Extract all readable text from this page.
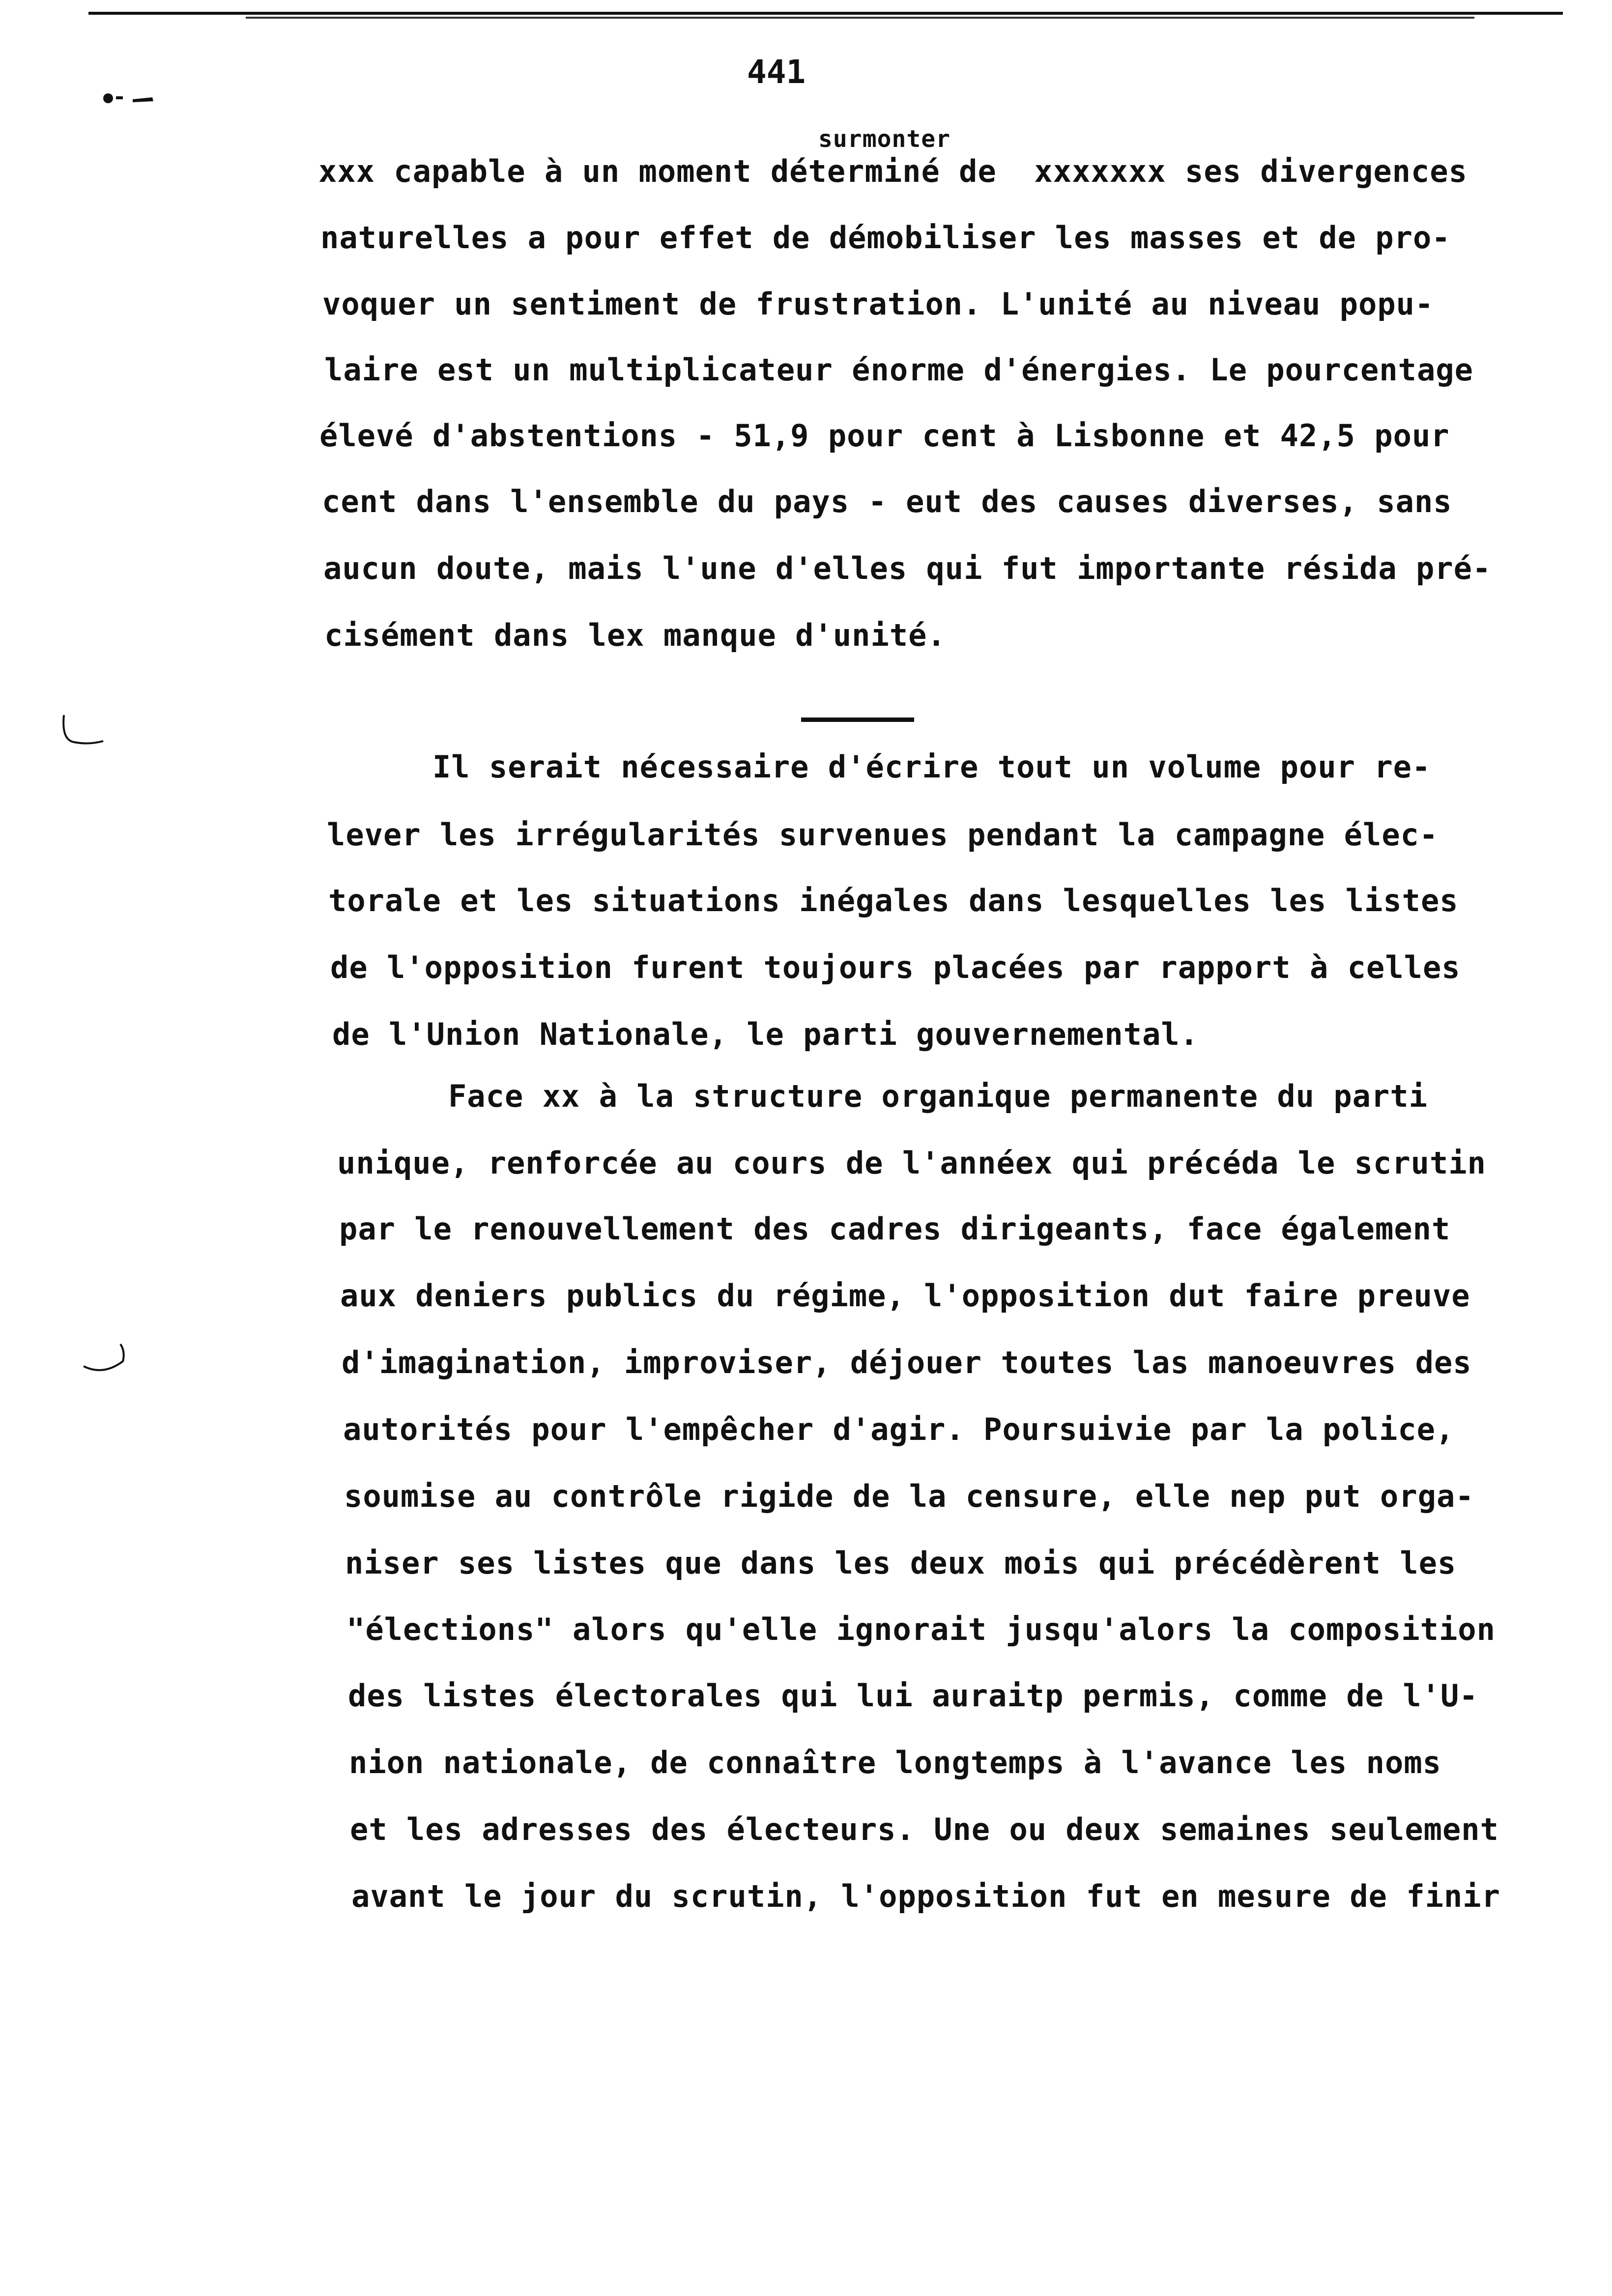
441
surmonter
xxx capable à un moment déterminé de  xxxxxxx ses divergences
naturelles a pour effet de démobiliser les masses et de pro-
voquer un sentiment de frustration. L'unité au niveau popu-
laire est un multiplicateur énorme d'énergies. Le pourcentage
élevé d'abstentions - 51,9 pour cent à Lisbonne et 42,5 pour
cent dans l'ensemble du pays - eut des causes diverses, sans
aucun doute, mais l'une d'elles qui fut importante résida pré-
cisément dans lex manque d'unité.
Il serait nécessaire d'écrire tout un volume pour re-
lever les irrégularités survenues pendant la campagne élec-
torale et les situations inégales dans lesquelles les listes
de l'opposition furent toujours placées par rapport à celles
de l'Union Nationale, le parti gouvernemental.
Face xx à la structure organique permanente du parti
unique, renforcée au cours de l'annéex qui précéda le scrutin
par le renouvellement des cadres dirigeants, face également
aux deniers publics du régime, l'opposition dut faire preuve
d'imagination, improviser, déjouer toutes las manoeuvres des
autorités pour l'empêcher d'agir. Poursuivie par la police,
soumise au contrôle rigide de la censure, elle nep put orga-
niser ses listes que dans les deux mois qui précédèrent les
"élections" alors qu'elle ignorait jusqu'alors la composition
des listes électorales qui lui auraitp permis, comme de l'U-
nion nationale, de connaître longtemps à l'avance les noms
et les adresses des électeurs. Une ou deux semaines seulement
avant le jour du scrutin, l'opposition fut en mesure de finir
